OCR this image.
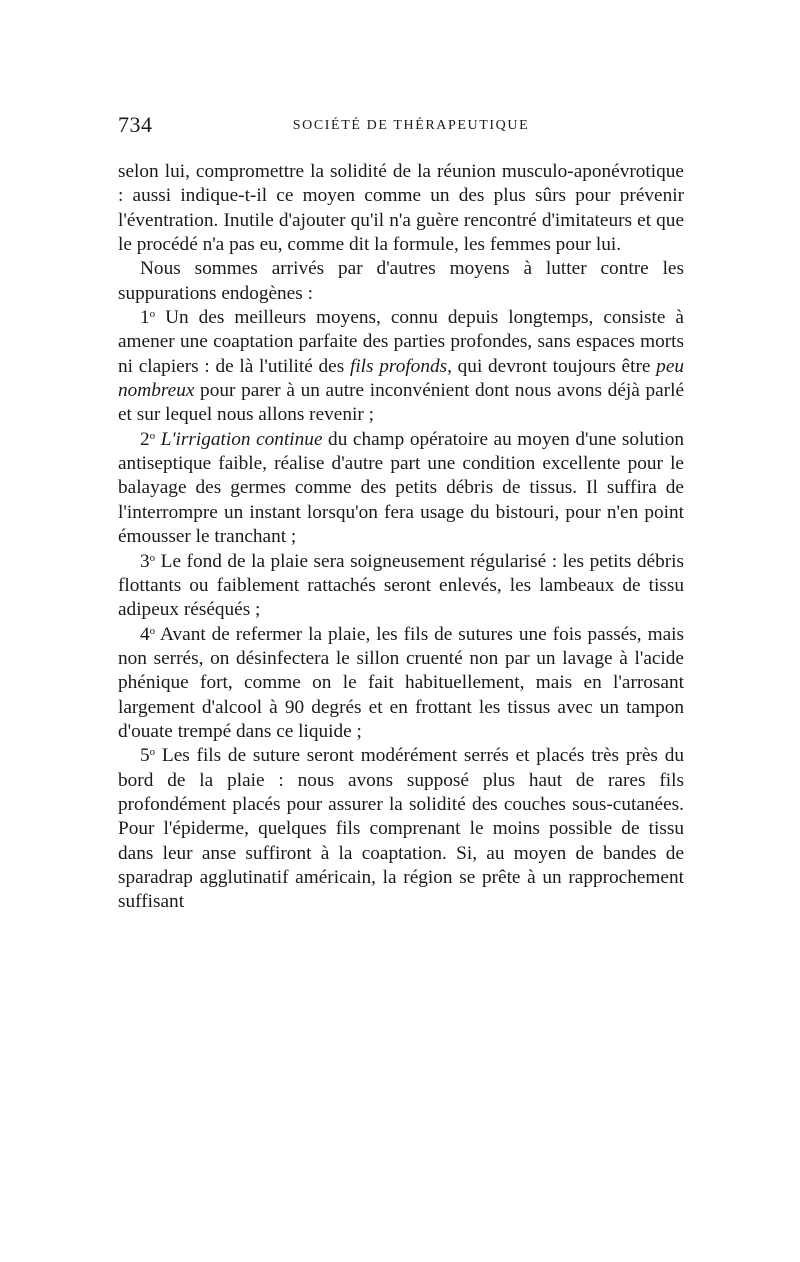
734	SOCIÉTÉ DE THÉRAPEUTIQUE

selon lui, compromettre la solidité de la réunion musculo-aponévrotique : aussi indique-t-il ce moyen comme un des plus sûrs pour prévenir l'éventration. Inutile d'ajouter qu'il n'a guère rencontré d'imitateurs et que le procédé n'a pas eu, comme dit la formule, les femmes pour lui.

Nous sommes arrivés par d'autres moyens à lutter contre les suppurations endogènes :

1$^o$ Un des meilleurs moyens, connu depuis longtemps, consiste à amener une coaptation parfaite des parties profondes, sans espaces morts ni clapiers : de là l'utilité des fils profonds, qui devront toujours être peu nombreux pour parer à un autre inconvénient dont nous avons déjà parlé et sur lequel nous allons revenir ;

2$^o$ L'irrigation continue du champ opératoire au moyen d'une solution antiseptique faible, réalise d'autre part une condition excellente pour le balayage des germes comme des petits débris de tissus. Il suffira de l'interrompre un instant lorsqu'on fera usage du bistouri, pour n'en point émousser le tranchant ;

3$^o$ Le fond de la plaie sera soigneusement régularisé : les petits débris flottants ou faiblement rattachés seront enlevés, les lambeaux de tissu adipeux réséqués ;

4$^o$ Avant de refermer la plaie, les fils de sutures une fois passés, mais non serrés, on désinfectera le sillon cruenté non par un lavage à l'acide phénique fort, comme on le fait habituellement, mais en l'arrosant largement d'alcool à 90 degrés et en frottant les tissus avec un tampon d'ouate trempé dans ce liquide ;

5$^o$ Les fils de suture seront modérément serrés et placés très près du bord de la plaie : nous avons supposé plus haut de rares fils profondément placés pour assurer la solidité des couches sous-cutanées. Pour l'épiderme, quelques fils comprenant le moins possible de tissu dans leur anse suffiront à la coaptation. Si, au moyen de bandes de sparadrap agglutinatif américain, la région se prête à un rapprochement suffisant
